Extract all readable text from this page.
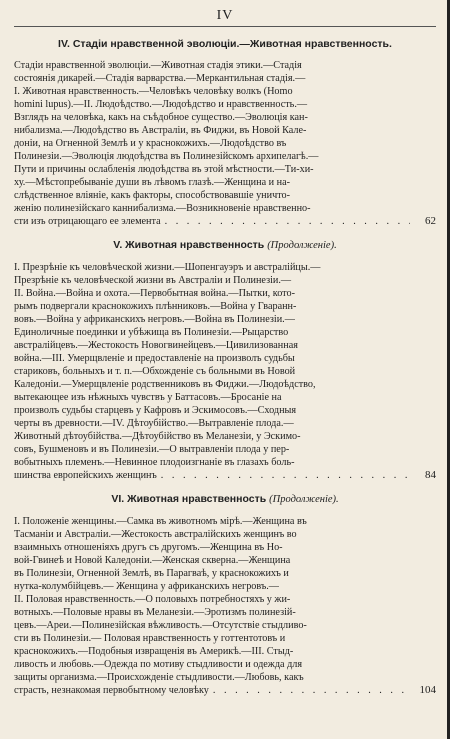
IV
IV. Стадіи нравственной эволюціи.—Животная нравственность.
Стадіи нравственной эволюціи.—Животная стадія этики.—Стадія
состоянія дикарей.—Стадія варварства.—Меркантильная стадія.—
I. Животная нравственность.—Человѣкъ человѣку волкъ (Homo
homini lupus).—II. Людоѣдство.—Людоѣдство и нравственность.—
Взглядъ на человѣка, какъ на съѣдобное существо.—Эволюція кан-
нибализма.—Людоѣдство въ Австраліи, въ Фиджи, въ Новой Кале-
доніи, на Огненной Землѣ и у краснокожихъ.—Людоѣдство въ
Полинезіи.—Эволюція людоѣдства въ Полинезійскомъ архипелагѣ.—
Пути и причины ослабленія людоѣдства въ этой мѣстности.—Ти-хи-
ху.—Мѣстопребываніе души въ лѣвомъ глазѣ.—Женщина и на-
слѣдственное вліяніе, какъ факторы, способствовавшіе уничто-
женію полинезійскаго каннибализма.—Возникновеніе нравственно-
сти изъ отрицающаго ее элемента . . .	62
V. Животная нравственность (Продолженіе).
I. Презрѣніе къ человѣческой жизни.—Шопенгауэръ и австралійцы.—
Презрѣніе къ человѣческой жизни въ Австраліи и Полинезіи.—
II. Война.—Война и охота.—Первобытная война.—Пытки, кото-
рымъ подвергали краснокожихъ плѣнниковъ.—Война у Гваранн-
вовъ.—Война у африканскихъ негровъ.—Война въ Полинезіи.—
Единоличные поединки и убѣжища въ Полинезіи.—Рыцарство
австралійцевъ.—Жестокость Новогвинейцевъ.—Цивилизованная
война.—III. Умерщвленіе и предоставленіе на произволъ судьбы
стариковъ, больныхъ и т. п.—Обхожденіе съ больными въ Новой
Каледоніи.—Умерщвленіе родственниковъ въ Фиджи.—Людоѣдство,
вытекающее изъ нѣжныхъ чувствъ у Баттасовъ.—Бросаніе на
произволъ судьбы старцевъ у Кафровъ и Эскимосовъ.—Сходныя
черты въ древности.—IV. Дѣтоубійство.—Вытравленіе плода.—
Животный дѣтоубійства.—Дѣтоубійство въ Меланезіи, у Эскимо-
совъ, Бушменовъ и въ Полинезіи.—О вытравленіи плода у пер-
вобытныхъ племенъ.—Невинное плодоизгнаніе въ глазахъ боль-
шинства европейскихъ женщинъ . . .	84
VI. Животная нравственность (Продолженіе).
I. Положеніе женщины.—Самка въ животномъ мірѣ.—Женщина въ
Тасманіи и Австраліи.—Жестокость австралійскихъ женщинъ во
взаимныхъ отношеніяхъ другъ съ другомъ.—Женщина въ Но-
вой-Гвинеѣ и Новой Каледоніи.—Женская скверна.—Женщина
въ Полинезіи, Огненной Землѣ, въ Парагваѣ, у краснокожихъ и
нутка-колумбійцевъ.— Женщина у африканскихъ негровъ.—
II. Половая нравственность.—О половыхъ потребностяхъ у жи-
вотныхъ.—Половые нравы въ Меланезіи.—Эротизмъ полинезій-
цевъ.—Ареи.—Полинезійская вѣжливость.—Отсутствіе стыдливо-
сти въ Полинезіи.— Половая нравственность у готтентотовъ и
краснокожихъ.—Подобныя извращенія въ Америкѣ.—III. Стыд-
ливость и любовь.—Одежда по мотиву стыдливости и одежда для
защиты организма.—Происхожденіе стыдливости.—Любовь, какъ
страсть, незнакомая первобытному человѣку . . .	104
